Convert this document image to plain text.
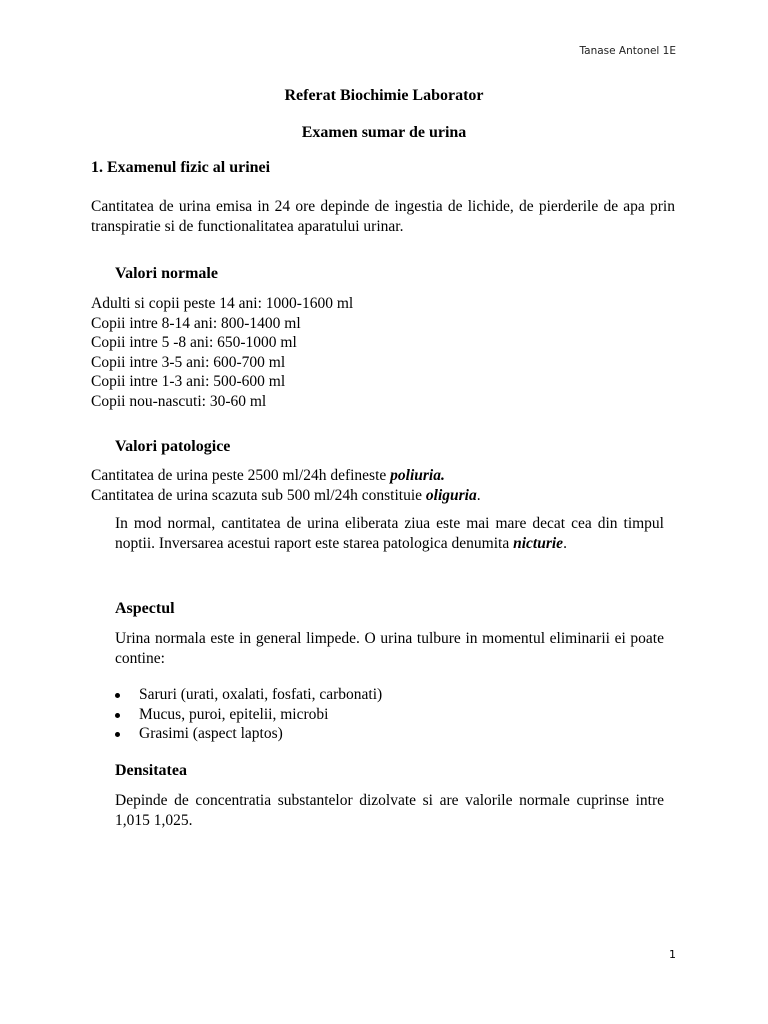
Tanase Antonel 1E
Referat Biochimie Laborator
Examen sumar de urina
1. Examenul fizic al urinei
Cantitatea de urina emisa in 24 ore depinde de ingestia de lichide, de pierderile de apa prin transpiratie si de functionalitatea aparatului urinar.
Valori normale
Adulti si copii peste 14 ani: 1000-1600 ml
Copii intre 8-14 ani: 800-1400 ml
Copii intre 5 -8 ani: 650-1000 ml
Copii intre 3-5 ani: 600-700 ml
Copii intre 1-3 ani: 500-600 ml
Copii nou-nascuti: 30-60 ml
Valori patologice
Cantitatea de urina peste 2500 ml/24h defineste poliuria.
Cantitatea de urina scazuta sub 500 ml/24h constituie oliguria.
In mod normal, cantitatea de urina eliberata ziua este mai mare decat cea din timpul noptii. Inversarea acestui raport este starea patologica denumita nicturie.
Aspectul
Urina normala este in general limpede. O urina tulbure in momentul eliminarii ei poate contine:
Saruri (urati, oxalati, fosfati, carbonati)
Mucus, puroi, epitelii, microbi
Grasimi (aspect laptos)
Densitatea
Depinde de concentratia substantelor dizolvate si are valorile normale cuprinse intre 1,015 1,025.
1
